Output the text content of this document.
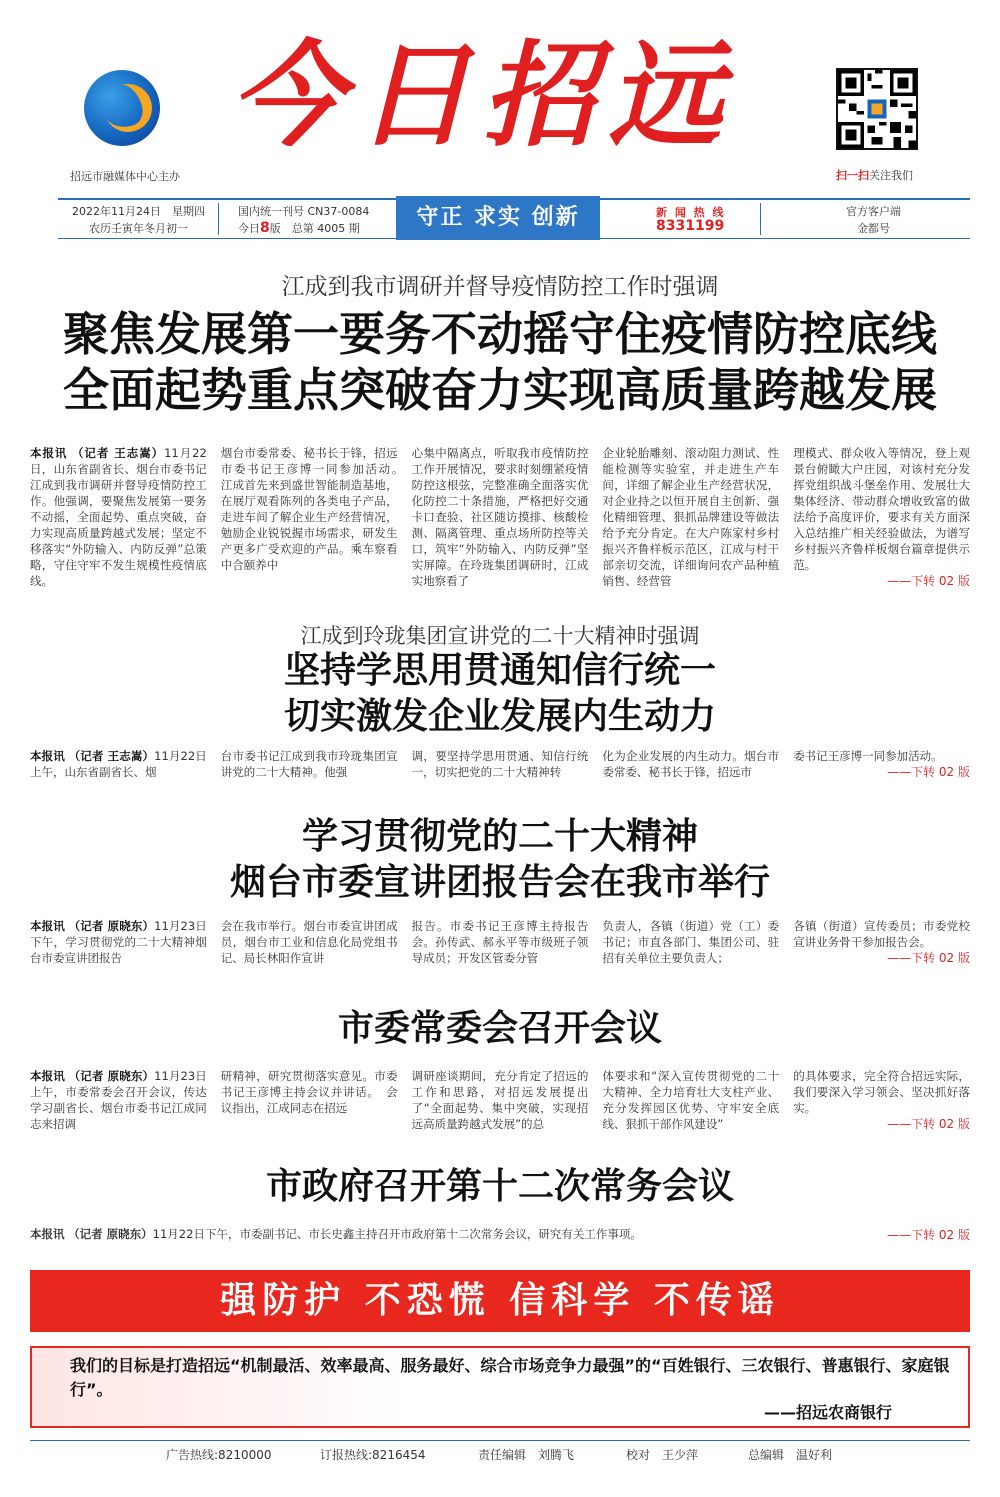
招远市融媒体中心主办
今日招远
扫一扫关注我们
2022年11月24日　星期四
农历壬寅年冬月初一
国内统一刊号 CN37-0084
今日8版　总第 4005 期	守正 求实 创新	新 闻 热 线
8331199
官方客户端
金都号
江成到我市调研并督导疫情防控工作时强调
聚焦发展第一要务不动摇守住疫情防控底线
全面起势重点突破奋力实现高质量跨越发展
本报讯 （记者 王志嵩）11月22日，山东省副省长、烟台市委书记江成到我市调研并督导疫情防控工作。他强调，要聚焦发展第一要务不动摇，全面起势、重点突破，奋力实现高质量跨越式发展；坚定不移落实“外防输入、内防反弹”总策略，守住守牢不发生规模性疫情底线。
烟台市委常委、秘书长于锋，招远市委书记王彦博一同参加活动。　江成首先来到盛世智能制造基地，在展厅观看陈列的各类电子产品，走进车间了解企业生产经营情况，勉励企业锐锐握市场需求，研发生产更多广受欢迎的产品。乘车察看中合颐养中
心集中隔离点，听取我市疫情防控工作开展情况，要求时刻绷紧疫情防控这根弦，完整准确全面落实优化防控二十条措施，严格把好交通卡口查验、社区随访摸排、核酸检测、隔离管理、重点场所防控等关口，筑牢“外防输入、内防反弹”坚实屏障。在玲珑集团调研时，江成实地察看了
企业轮胎雕刻、滚动阻力测试、性能检测等实验室，并走进生产车间，详细了解企业生产经营状况，对企业持之以恒开展自主创新、强化精细管理、狠抓品牌建设等做法给予充分肯定。在大户陈家村乡村振兴齐鲁样板示范区，江成与村干部亲切交流，详细询问农产品种植销售、经营管
理模式、群众收入等情况，登上观景台俯瞰大户庄园，对该村充分发挥党组织战斗堡垒作用、发展壮大集体经济、带动群众增收致富的做法给予高度评价，要求有关方面深入总结推广相关经验做法，为谱写乡村振兴齐鲁样板烟台篇章提供示范。
——下转 02 版
江成到玲珑集团宣讲党的二十大精神时强调
坚持学思用贯通知信行统一
切实激发企业发展内生动力
本报讯 （记者 王志嵩）11月22日上午，山东省副省长、烟
台市委书记江成到我市玲珑集团宣讲党的二十大精神。他强
调，要坚持学思用贯通、知信行统一，切实把党的二十大精神转
化为企业发展的内生动力。烟台市委常委、秘书长于锋，招远市
委书记王彦博一同参加活动。
——下转 02 版
学习贯彻党的二十大精神
烟台市委宣讲团报告会在我市举行
本报讯 （记者 原晓东）11月23日下午，学习贯彻党的二十大精神烟台市委宣讲团报告
会在我市举行。烟台市委宣讲团成员，烟台市工业和信息化局党组书记、局长林阳作宣讲
报告。市委书记王彦博主持报告会。孙传武、郝永平等市级班子领导成员；开发区管委分管
负责人，各镇（街道）党（工）委书记；市直各部门、集团公司、驻招有关单位主要负责人；
各镇（街道）宣传委员；市委党校宣讲业务骨干参加报告会。
——下转 02 版
市委常委会召开会议
本报讯 （记者 原晓东）11月23日上午，市委常委会召开会议，传达学习副省长、烟台市委书记江成同志来招调
研精神，研究贯彻落实意见。市委书记王彦博主持会议并讲话。　会议指出，江成同志在招远
调研座谈期间，充分肯定了招远的工作和思路，对招远发展提出了“全面起势、集中突破，实现招远高质量跨越式发展”的总
体要求和“深入宣传贯彻党的二十大精神、全力培育壮大支柱产业、充分发挥园区优势、守牢安全底线、狠抓干部作风建设”
的具体要求，完全符合招远实际，我们要深入学习领会、坚决抓好落实。
——下转 02 版
市政府召开第十二次常务会议
本报讯 （记者 原晓东）11月22日下午，市委副书记、市长史鑫主持召开市政府第十二次常务会议，研究有关工作事项。	——下转 02 版
强防护 不恐慌 信科学 不传谣
我们的目标是打造招远“机制最活、效率最高、服务最好、综合市场竞争力最强”的“百姓银行、三农银行、普惠银行、家庭银行”。
——招远农商银行
广告热线:8210000	订报热线:8216454	责任编辑　刘腾飞	校对　王少萍	总编辑　温好利
